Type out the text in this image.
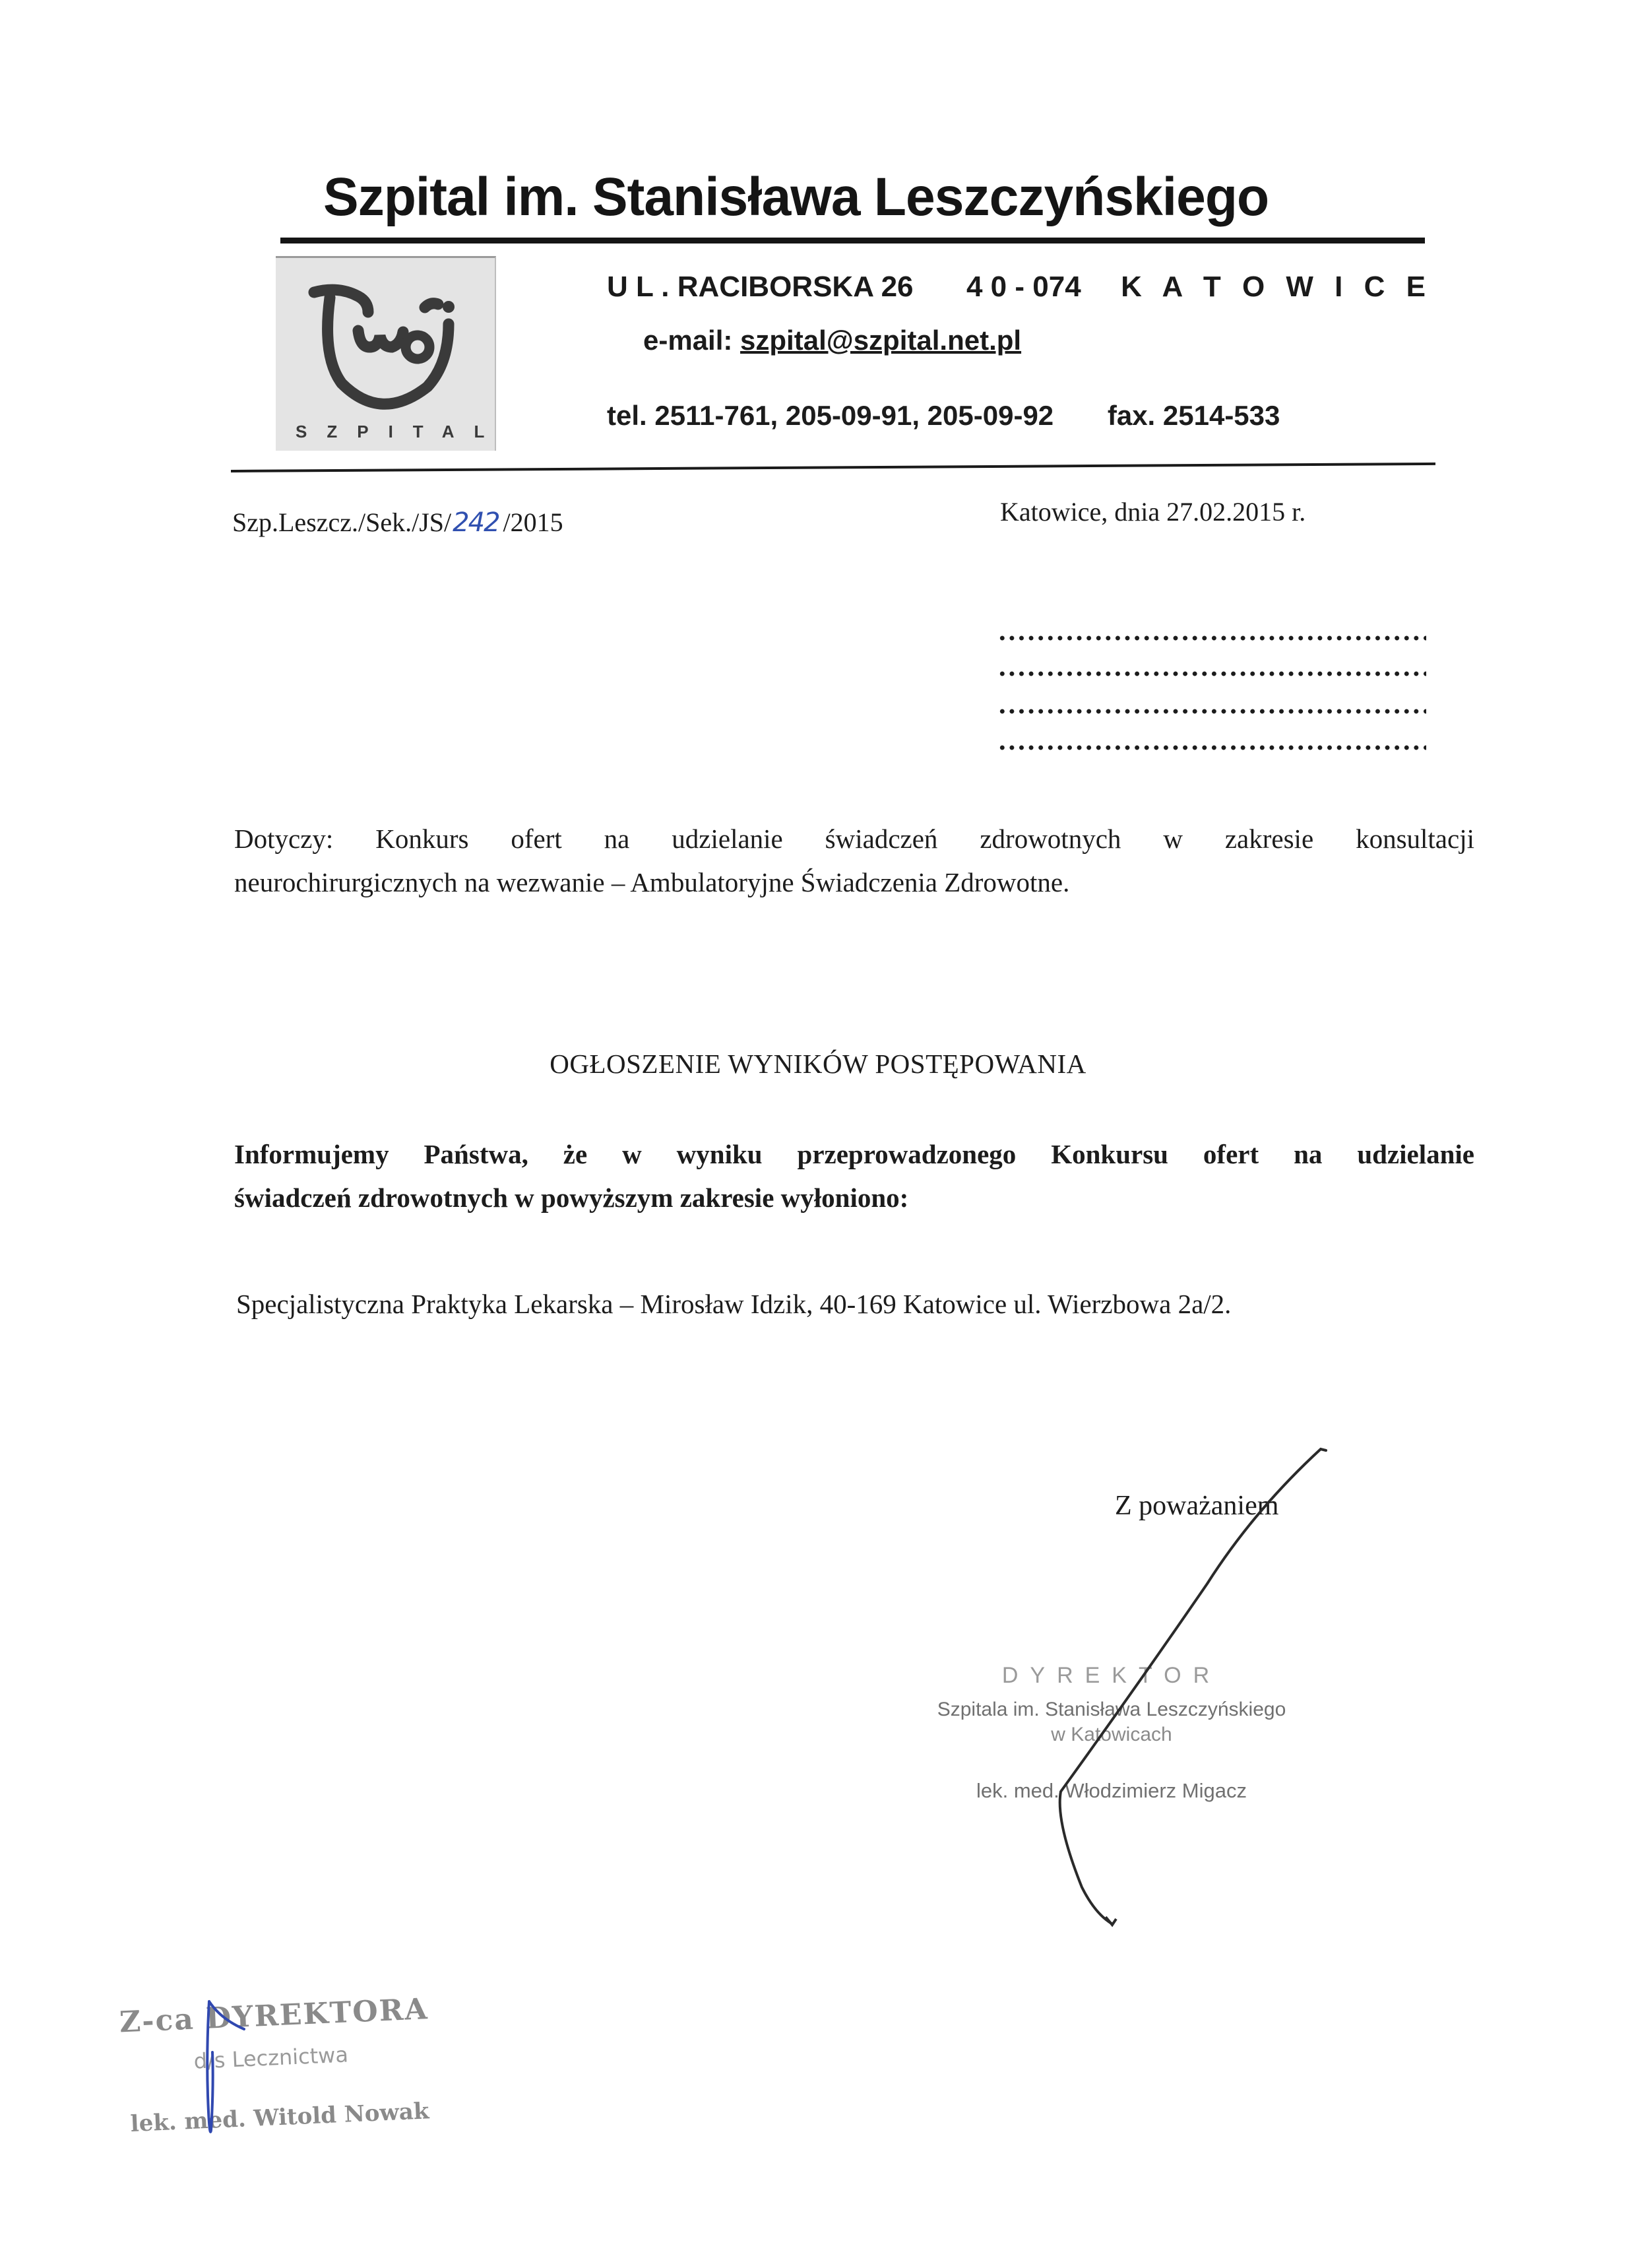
Szpital im. Stanisława Leszczyńskiego
SZPITAL
U L . RACIBORSKA 26 4 0 - 074 K A T O W I C E
e-mail: szpital@szpital.net.pl
tel. 2511-761, 205-09-91, 205-09-92 fax. 2514-533
Szp.Leszcz./Sek./JS/242 /2015	Katowice, dnia 27.02.2015 r.
Dotyczy: Konkurs ofert na udzielanie świadczeń zdrowotnych w zakresie konsultacji
neurochirurgicznych na wezwanie – Ambulatoryjne Świadczenia Zdrowotne.
OGŁOSZENIE WYNIKÓW POSTĘPOWANIA
Informujemy Państwa, że w wyniku przeprowadzonego Konkursu ofert na udzielanie
świadczeń zdrowotnych w powyższym zakresie wyłoniono:
Specjalistyczna Praktyka Lekarska – Mirosław Idzik, 40-169 Katowice ul. Wierzbowa 2a/2.
Z poważaniem
DYREKTOR
Szpitala im. Stanisława Leszczyńskiego
w Katowicach
lek. med. Włodzimierz Migacz
Z-ca DYREKTORA
d/s Lecznictwa
lek. med. Witold Nowak
